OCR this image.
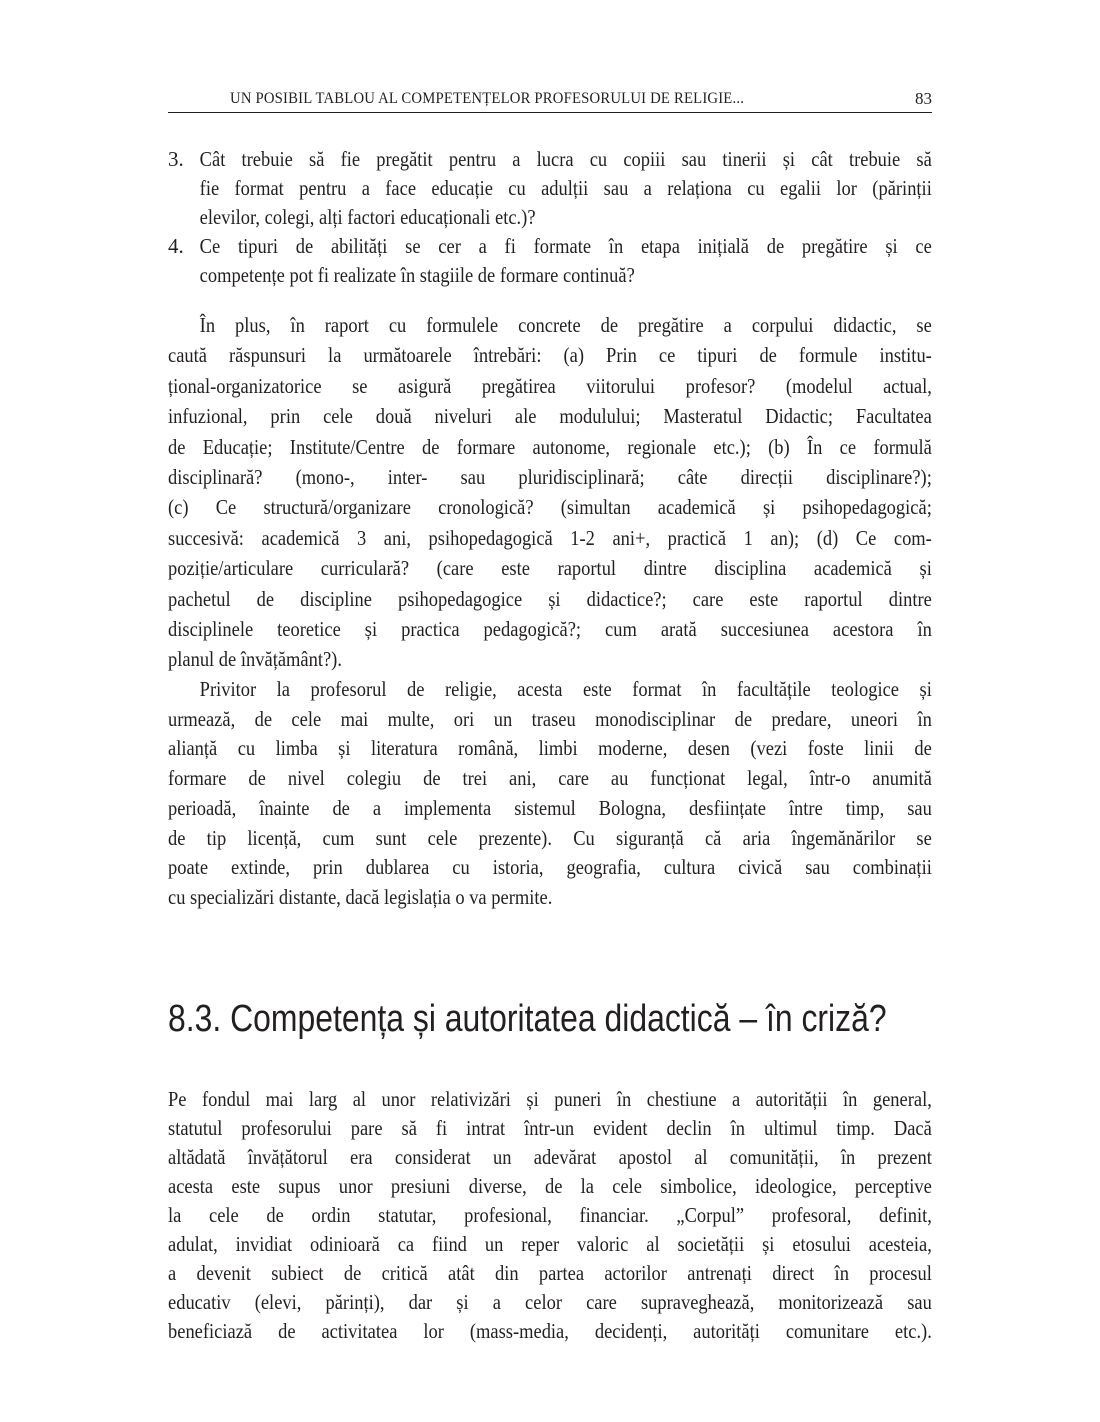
UN POSIBIL TABLOU AL COMPETENȚELOR PROFESORULUI DE RELIGIE...	83
Cât trebuie să fie pregătit pentru a lucra cu copiii sau tinerii și cât trebuie să
3.
fie format pentru a face educație cu adulții sau a relaționa cu egalii lor (părinții
elevilor, colegi, alți factori educaționali etc.)?
Ce tipuri de abilități se cer a fi formate în etapa inițială de pregătire și ce
4.
competențe pot fi realizate în stagiile de formare continuă?
În plus, în raport cu formulele concrete de pregătire a corpului didactic, se
caută răspunsuri la următoarele întrebări: (a) Prin ce tipuri de formule institu-
țional-organizatorice se asigură pregătirea viitorului profesor? (modelul actual,
infuzional, prin cele două niveluri ale modulului; Masteratul Didactic; Facultatea
de Educație; Institute/Centre de formare autonome, regionale etc.); (b) În ce formulă
disciplinară? (mono-, inter- sau pluridisciplinară; câte direcții disciplinare?);
(c) Ce structură/organizare cronologică? (simultan academică și psihopedagogică;
succesivă: academică 3 ani, psihopedagogică 1-2 ani+, practică 1 an); (d) Ce com-
poziție/articulare curriculară? (care este raportul dintre disciplina academică și
pachetul de discipline psihopedagogice și didactice?; care este raportul dintre
disciplinele teoretice și practica pedagogică?; cum arată succesiunea acestora în
planul de învățământ?).
Privitor la profesorul de religie, acesta este format în facultățile teologice și
urmează, de cele mai multe, ori un traseu monodisciplinar de predare, uneori în
alianță cu limba și literatura română, limbi moderne, desen (vezi foste linii de
formare de nivel colegiu de trei ani, care au funcționat legal, într-o anumită
perioadă, înainte de a implementa sistemul Bologna, desființate între timp, sau
de tip licență, cum sunt cele prezente). Cu siguranță că aria îngemănărilor se
poate extinde, prin dublarea cu istoria, geografia, cultura civică sau combinații
cu specializări distante, dacă legislația o va permite.
8.3. Competența și autoritatea didactică – în criză?
Pe fondul mai larg al unor relativizări și puneri în chestiune a autorității în general,
statutul profesorului pare să fi intrat într-un evident declin în ultimul timp. Dacă
altădată învățătorul era considerat un adevărat apostol al comunității, în prezent
acesta este supus unor presiuni diverse, de la cele simbolice, ideologice, perceptive
la cele de ordin statutar, profesional, financiar. „Corpul” profesoral, definit,
adulat, invidiat odinioară ca fiind un reper valoric al societății și etosului acesteia,
a devenit subiect de critică atât din partea actorilor antrenați direct în procesul
educativ (elevi, părinți), dar și a celor care supraveghează, monitorizează sau
beneficiază de activitatea lor (mass-media, decidenți, autorități comunitare etc.).
